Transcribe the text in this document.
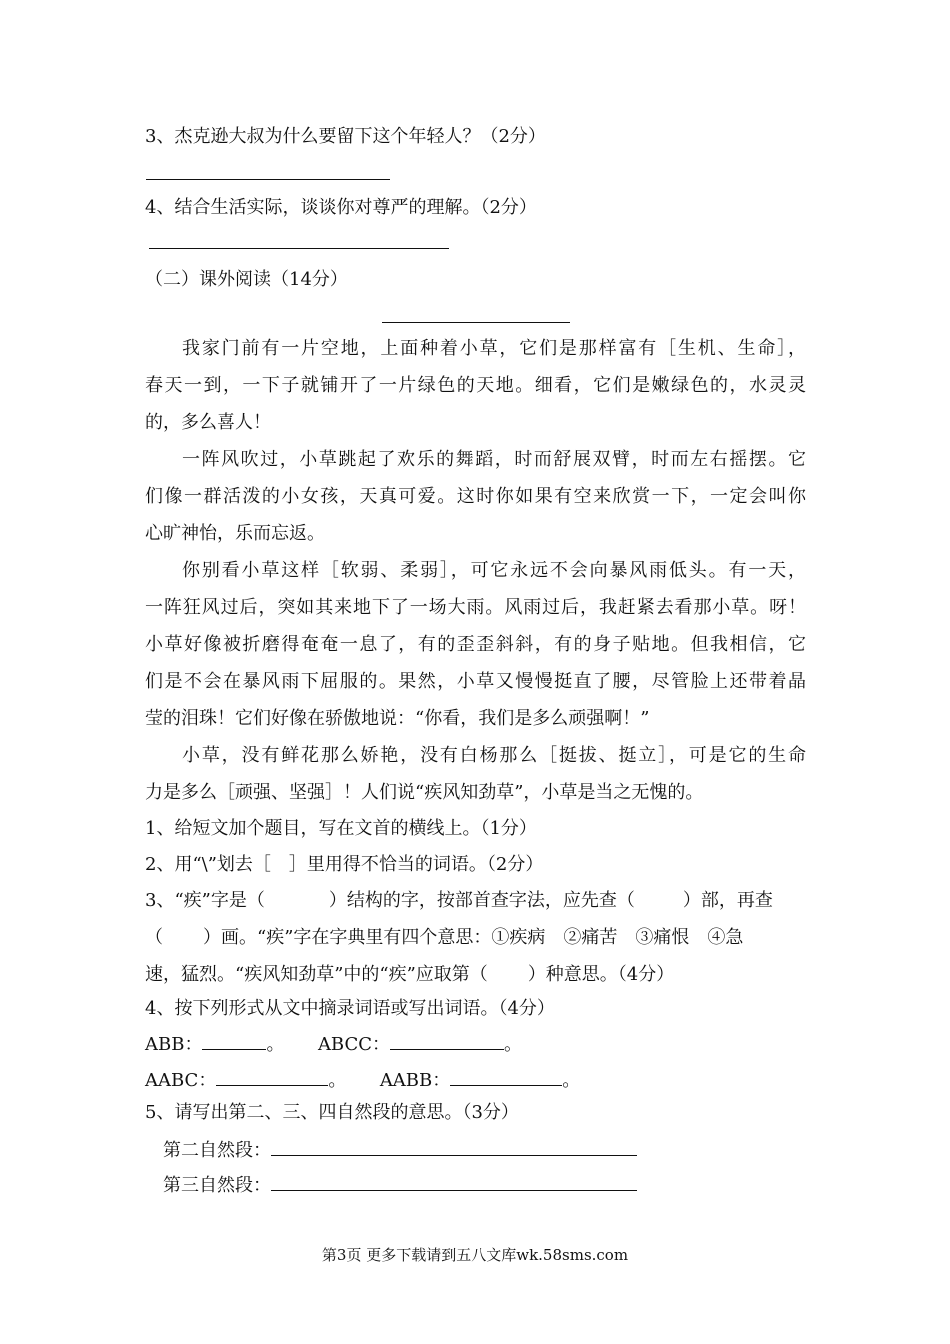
3、杰克逊大叔为什么要留下这个年轻人？（2分）
4、结合生活实际，谈谈你对尊严的理解。（2分）
（二）课外阅读（14分）
我家门前有一片空地，上面种着小草，它们是那样富有［生机、生命］，
春天一到，一下子就铺开了一片绿色的天地。细看，它们是嫩绿色的，水灵灵
的，多么喜人！
一阵风吹过，小草跳起了欢乐的舞蹈，时而舒展双臂，时而左右摇摆。它
们像一群活泼的小女孩，天真可爱。这时你如果有空来欣赏一下，一定会叫你
心旷神怡，乐而忘返。
你别看小草这样［软弱、柔弱］，可它永远不会向暴风雨低头。有一天，
一阵狂风过后，突如其来地下了一场大雨。风雨过后，我赶紧去看那小草。呀！
小草好像被折磨得奄奄一息了，有的歪歪斜斜，有的身子贴地。但我相信，它
们是不会在暴风雨下屈服的。果然，小草又慢慢挺直了腰，尽管脸上还带着晶
莹的泪珠！它们好像在骄傲地说：“你看，我们是多么顽强啊！”
小草，没有鲜花那么娇艳，没有白杨那么［挺拔、挺立］，可是它的生命
力是多么［顽强、坚强］！人们说“疾风知劲草”，小草是当之无愧的。
1、给短文加个题目，写在文首的横线上。（1分）
2、用“\”划去［　］里用得不恰当的词语。（2分）
3、“疾”字是（	）结构的字，按部首查字法，应先查（	）部，再查
（ ）画。“疾”字在字典里有四个意思：①疾病　②痛苦　③痛恨　④急
速，猛烈。“疾风知劲草”中的“疾”应取第（ ）种意思。（4分）
4、按下列形式从文中摘录词语或写出词语。（4分）
ABB：	。 ABCC：	。
AABC：	。 AABB：	。
5、请写出第二、三、四自然段的意思。（3分）
第二自然段：
第三自然段：
第3页 更多下载请到五八文库wk.58sms.com
